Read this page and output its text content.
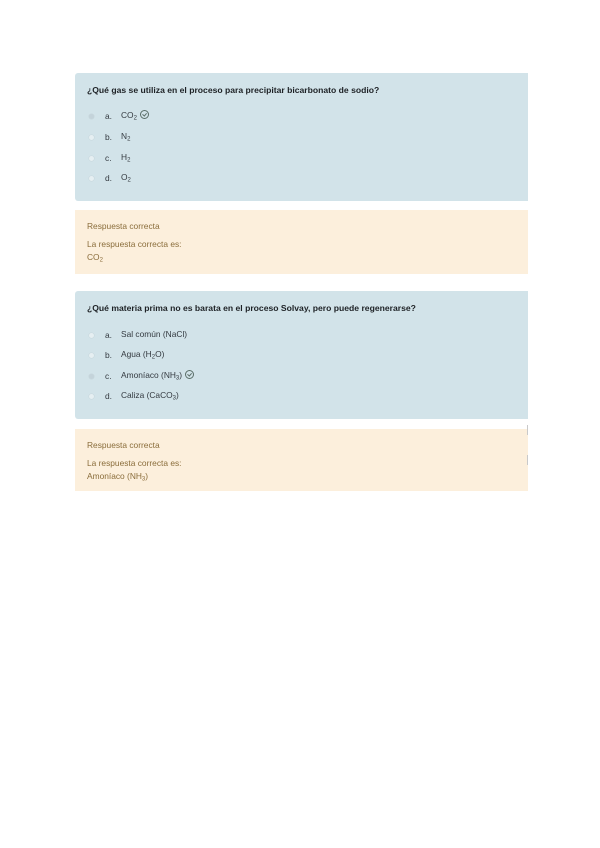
¿Qué gas se utiliza en el proceso para precipitar bicarbonato de sodio?
a. $CO_2$
b. $N_2$
c. $H_2$
d. $O_2$
Respuesta correcta
La respuesta correcta es:
$CO_2$
¿Qué materia prima no es barata en el proceso Solvay, pero puede regenerarse?
a. Sal común (NaCl)
b. Agua $(H_2O)$
c. Amoníaco $(NH_3)$
d. Caliza (CaCO$_3$)
Respuesta correcta
La respuesta correcta es:
Amoníaco $(NH_3)$
